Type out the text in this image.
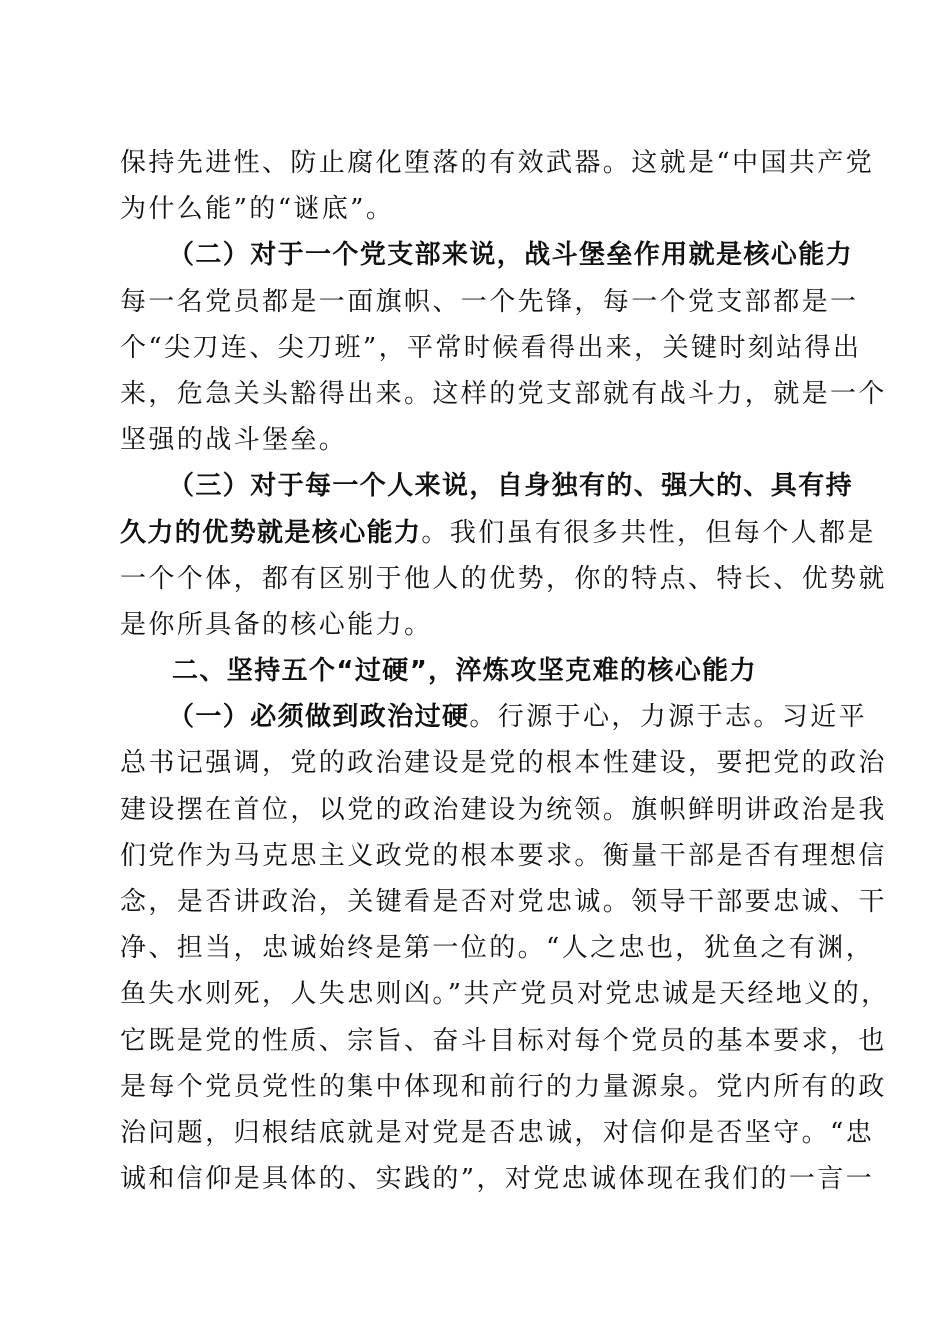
保持先进性、防止腐化堕落的有效武器。这就是“中国共产党
为什么能”的“谜底”。
（二）对于一个党支部来说，战斗堡垒作用就是核心能力
每一名党员都是一面旗帜、一个先锋，每一个党支部都是一
个“尖刀连、尖刀班”，平常时候看得出来，关键时刻站得出
来，危急关头豁得出来。这样的党支部就有战斗力，就是一个
坚强的战斗堡垒。
（三）对于每一个人来说，自身独有的、强大的、具有持
久力的优势就是核心能力。我们虽有很多共性，但每个人都是
一个个体，都有区别于他人的优势，你的特点、特长、优势就
是你所具备的核心能力。
二、坚持五个“过硬”，淬炼攻坚克难的核心能力
（一）必须做到政治过硬。行源于心，力源于志。习近平
总书记强调，党的政治建设是党的根本性建设，要把党的政治
建设摆在首位，以党的政治建设为统领。旗帜鲜明讲政治是我
们党作为马克思主义政党的根本要求。衡量干部是否有理想信
念，是否讲政治，关键看是否对党忠诚。领导干部要忠诚、干
净、担当，忠诚始终是第一位的。“人之忠也，犹鱼之有渊，
鱼失水则死，人失忠则凶。”共产党员对党忠诚是天经地义的，
它既是党的性质、宗旨、奋斗目标对每个党员的基本要求，也
是每个党员党性的集中体现和前行的力量源泉。党内所有的政
治问题，归根结底就是对党是否忠诚，对信仰是否坚守。“忠
诚和信仰是具体的、实践的”，对党忠诚体现在我们的一言一
